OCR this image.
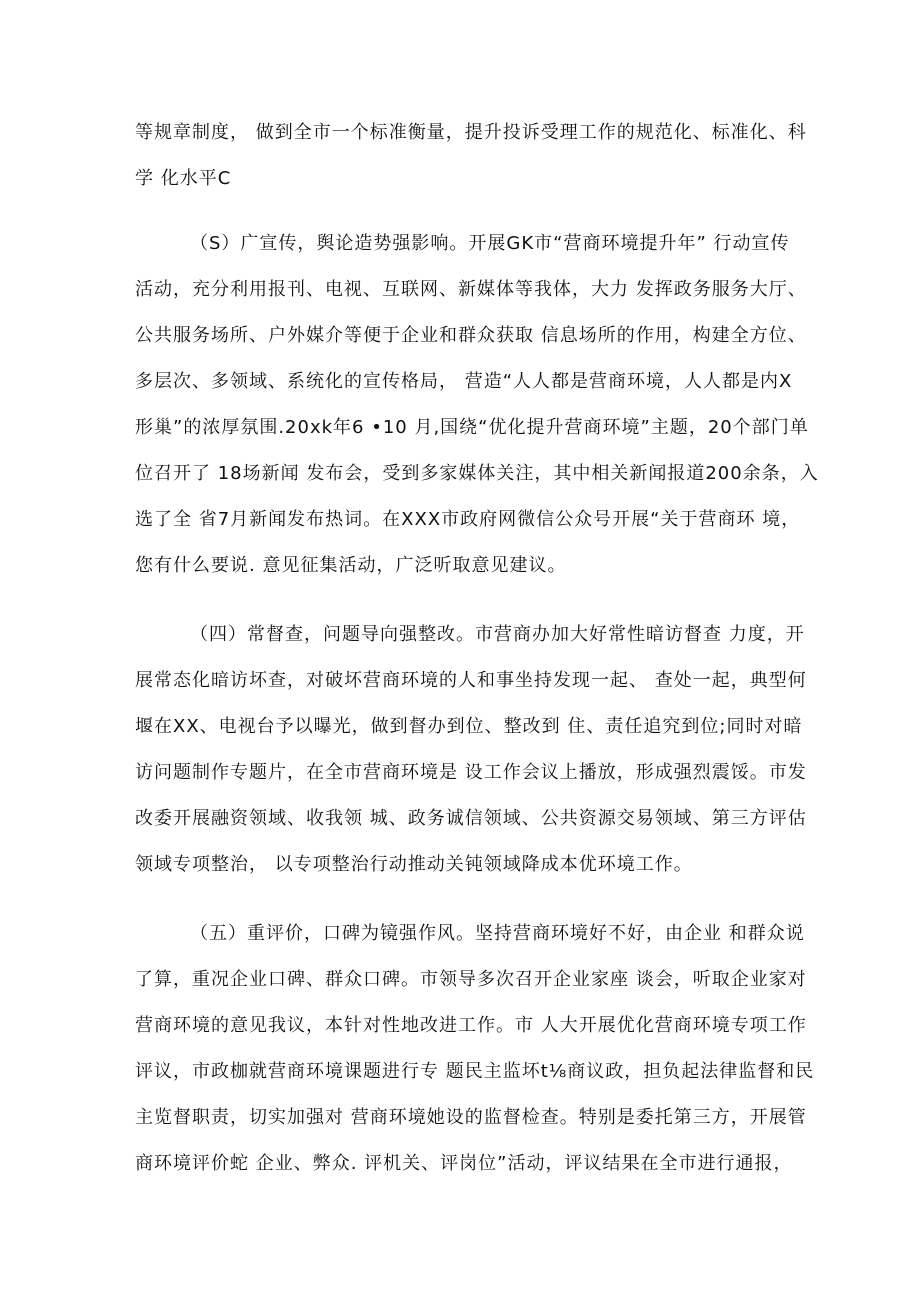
等规章制度， 做到全市一个标准衡量，提升投诉受理工作的规范化、标准化、科
学 化水平C
（S）广宣传，舆论造势强影响。开展GK市“营商环境提升年” 行动宣传
活动，充分利用报刊、电视、互联网、新媒体等我体，大力 发挥政务服务大厅、
公共服务场所、户外媒介等便于企业和群众获取 信息场所的作用，构建全方位、
多层次、多领域、系统化的宣传格局， 营造“人人都是营商环境，人人都是内X
形巢”的浓厚氛围.20xk年6 •10 月,国绕“优化提升营商环境”主题，20个部门单
位召开了 18场新闻 发布会，受到多家媒体关注，其中相关新闻报道200余条，入
选了全 省7月新闻发布热词。在XXX市政府网微信公众号开展“关于营商环 境，
您有什么要说. 意见征集活动，广泛听取意见建议。
（四）常督查，问题导向强整改。市营商办加大好常性暗访督查 力度，开
展常态化暗访坏查，对破坏营商环境的人和事坐持发现一起、 查处一起，典型何
堰在XX、电视台予以曝光，做到督办到位、整改到 住、责任追究到位;同时对暗
访问题制作专题片，在全市营商环境是 设工作会议上播放，形成强烈震馁。市发
改委开展融资领域、收我领 城、政务诚信领域、公共资源交易领域、第三方评估
领域专项整治， 以专项整治行动推动关钝领域降成本优环境工作。
（五）重评价，口碑为镜强作风。坚持营商环境好不好，由企业 和群众说
了算，重况企业口碑、群众口碑。市领导多次召开企业家座 谈会，听取企业家对
营商环境的意见我议，本针对性地改进工作。市 人大开展优化营商环境专项工作
评议，市政枷就营商环境课题进行专 题民主监坏t⅛商议政，担负起法律监督和民
主览督职责，切实加强对 营商环境她设的监督检查。特别是委托第三方，开展管
商环境评价蛇 企业、弊众. 评机关、评岗位”活动，评议结果在全市进行通报，
